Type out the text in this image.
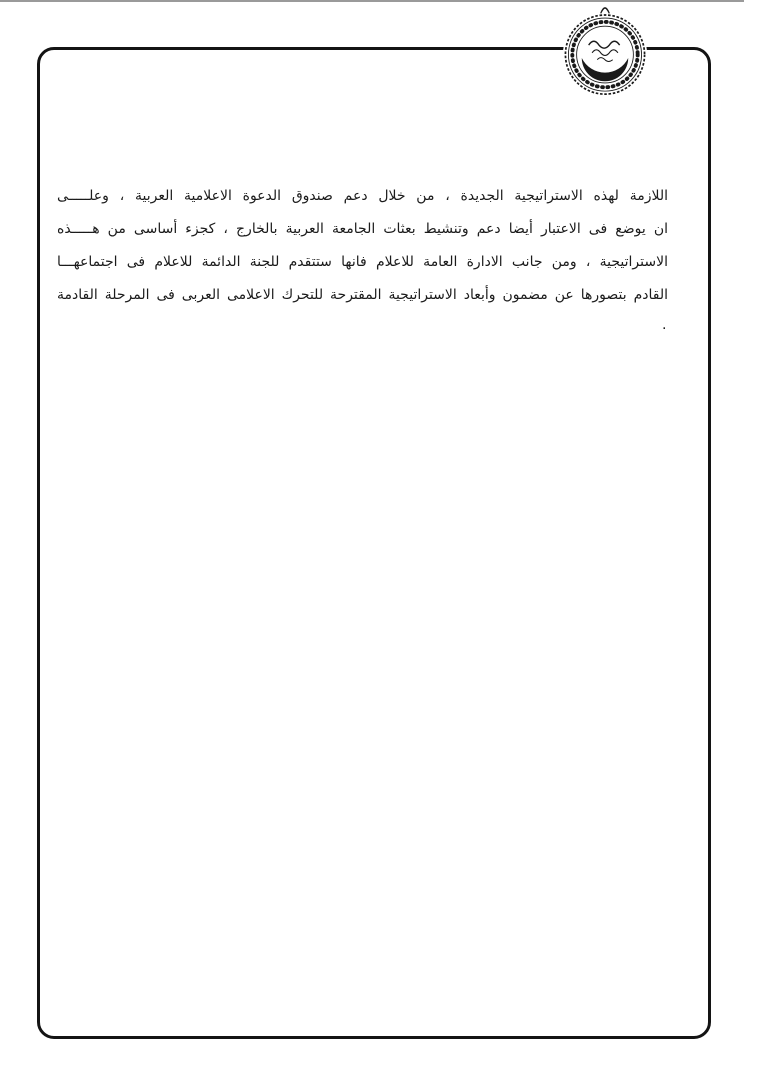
اللازمة لهذه الاستراتيجية الجديدة ، من خلال دعم صندوق الدعوة الاعلامية العربية ، وعلـــــى
ان يوضع فى الاعتبار أيضا دعم وتنشيط بعثات الجامعة العربية بالخارج ، كجزء أساسى من هـــــذه
الاستراتيجية ، ومن جانب الادارة العامة للاعلام فانها ستتقدم للجنة الدائمة للاعلام فى اجتماعهـــا
القادم بتصورها عن مضمون وأبعاد الاستراتيجية المقترحة للتحرك الاعلامى العربى فى المرحلة القادمة ٠
